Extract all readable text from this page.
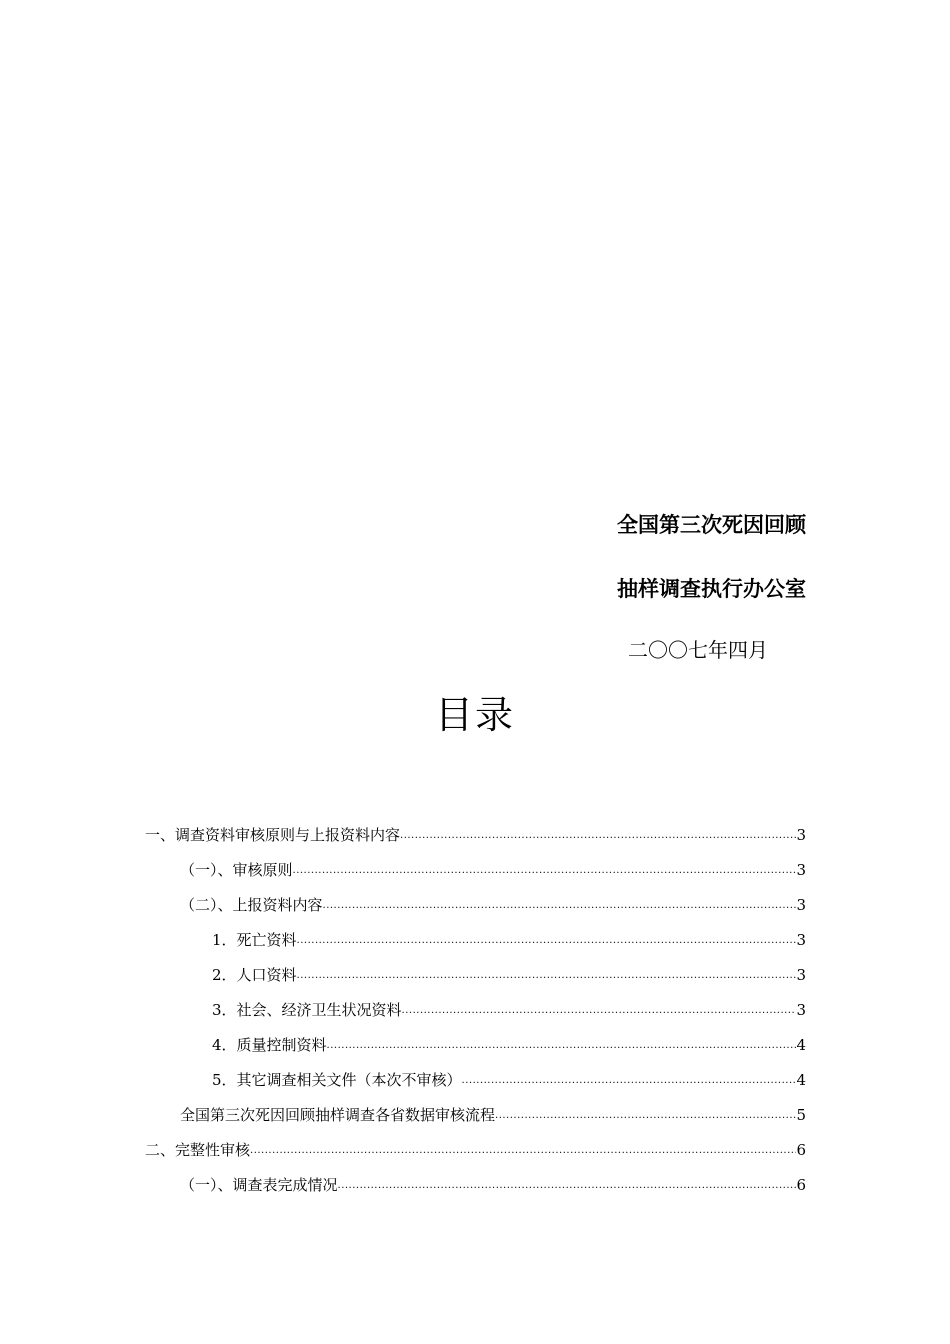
全国第三次死因回顾
抽样调查执行办公室
二〇〇七年四月
目录
一、调查资料审核原则与上报资料内容 .....	3
（一）、审核原则 .....	3
（二）、上报资料内容 .....	3
1．死亡资料 .....	3
2．人口资料 .....	3
3．社会、经济卫生状况资料 .....	3
4．质量控制资料 .....	4
5．其它调查相关文件（本次不审核） .....	4
全国第三次死因回顾抽样调查各省数据审核流程 .....	5
二、完整性审核 .....	6
（一）、调查表完成情况 .....	6
